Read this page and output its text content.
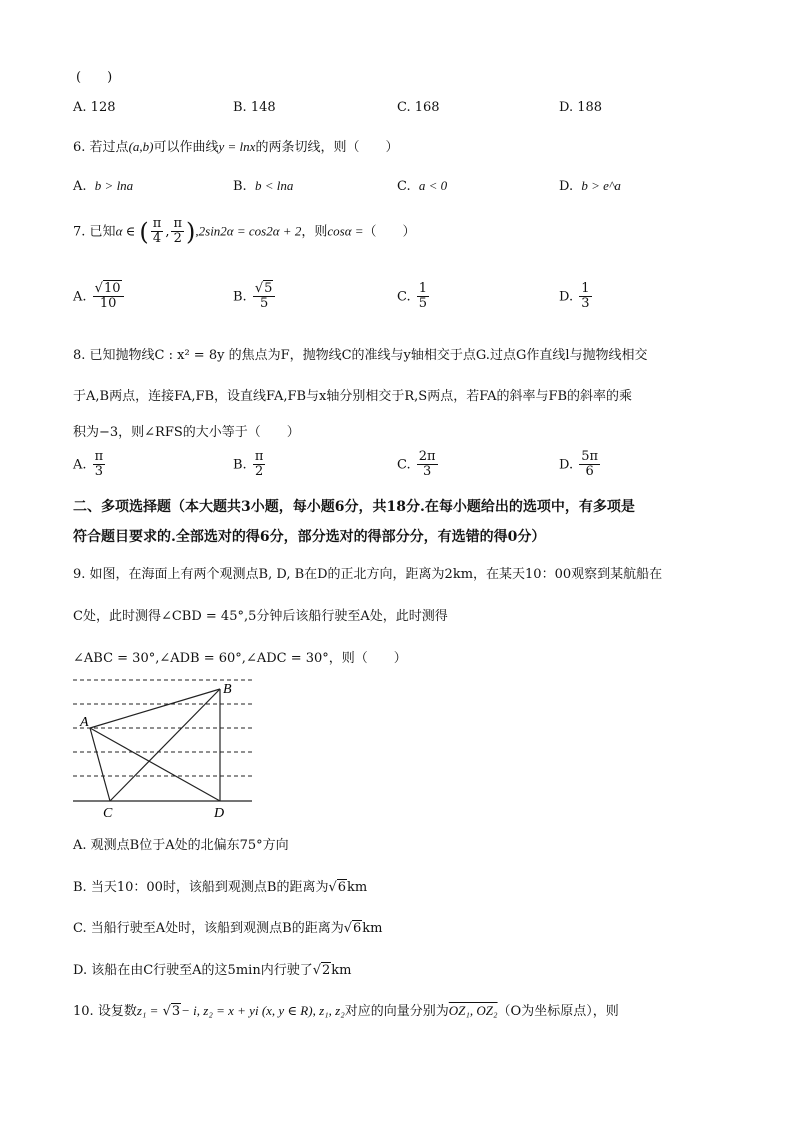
(　　)
A. 128	B. 148	C. 168	D. 188
6. 若过点(a,b)可以作曲线y = lnx的两条切线，则（　　）
A. b > lna	B. b < lna	C. a < 0	D. b > e^a
7. 已知α ∈ ( $\frac{\pi}{4}$ , $\frac{\pi}{2} ),2\sin 2\alpha = \cos 2\alpha + 2$，则cosα =（　　）
A. $\frac{√10}{10}$	B. $\frac{√5}{5}$	C. $\frac{1}{5}$	D. $\frac{1}{3}$
8. 已知抛物线C : x² = 8y 的焦点为F，抛物线C的准线与y轴相交于点G.过点G作直线l与抛物线相交
于A,B两点，连接FA,FB，设直线FA,FB与x轴分别相交于R,S两点，若FA的斜率与FB的斜率的乘
积为−3，则∠RFS的大小等于（　　）
A. $\frac{\pi}{3}$	B. $\frac{\pi}{2}$	C. $\frac{2\pi}{3}$	D. $\frac{5\pi}{6}$
二、多项选择题（本大题共3小题，每小题6分，共18分.在每小题给出的选项中，有多项是
符合题目要求的.全部选对的得6分，部分选对的得部分分，有选错的得0分）
9. 如图，在海面上有两个观测点B, D, B在D的正北方向，距离为2km，在某天10：00观察到某航船在
C处，此时测得∠CBD = 45°,5分钟后该船行驶至A处，此时测得
∠ABC = 30°,∠ADB = 60°,∠ADC = 30°，则（　　）
B
A
C	D
A. 观测点B位于A处的北偏东75°方向
B. 当天10：00时，该船到观测点B的距离为√6km
C. 当船行驶至A处时，该船到观测点B的距离为√6km
D. 该船在由C行驶至A的这5min内行驶了√2km
10. 设复数z₁ = √3− i, z₂ = x + yi (x, y ∈ R), z₁, z₂对应的向量分别为OZ₁, OZ₂（O为坐标原点），则
